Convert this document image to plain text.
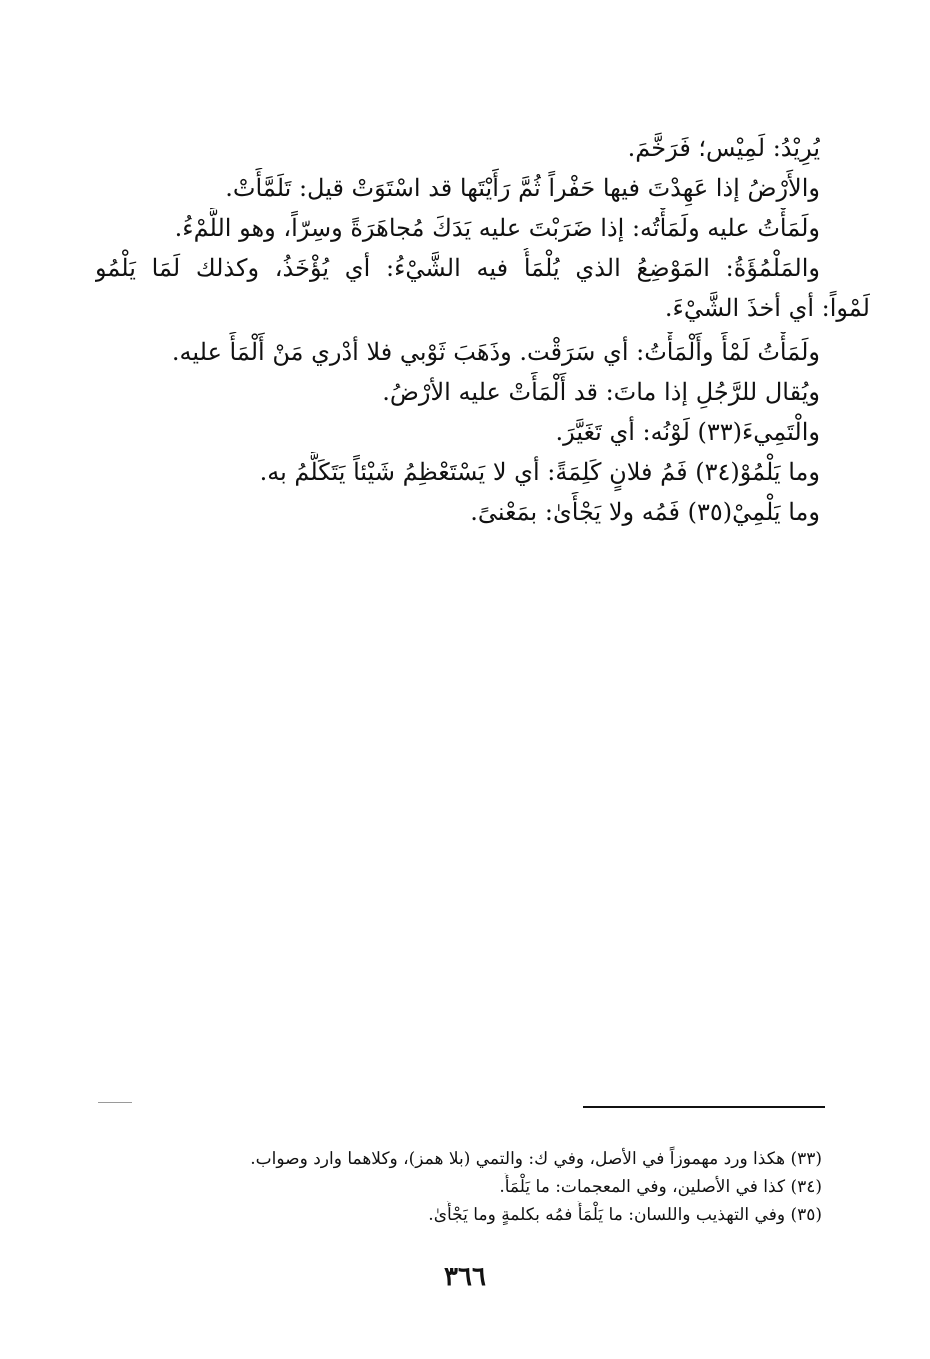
يُرِيْدُ: لَمِيْس؛ فَرَخَّمَ.
والأَرْضُ إذا عَهِدْتَ فيها حَفْراً ثُمَّ رَأَيْتَها قد اسْتَوَتْ قيل: تَلَمَّأَتْ.
ولَمَأْتُ عليه ولَمَأْتُه: إذا ضَرَبْتَ عليه يَدَكَ مُجاهَرَةً وسِرّاً، وهو اللَّمْءُ.
والمَلْمُؤَةُ: المَوْضِعُ الذي يُلْمَأُ فيه الشَّيْءُ: أي يُؤْخَذُ، وكذلك لَمَا يَلْمُو
لَمْواً: أي أخذَ الشَّيْءَ.
ولَمَأْتُ لَمْأً وأَلْمَأْتُ: أي سَرَقْت. وذَهَبَ ثَوْبي فلا أدْري مَنْ أَلْمَأَ عليه.
ويُقال للرَّجُلِ إذا ماتَ: قد أَلْمَأَتْ عليه الأرْضُ.
والْتَمِيءَ(٣٣) لَوْنُه: أي تَغَيَّرَ.
وما يَلْمُوْ(٣٤) فَمُ فلانٍ كَلِمَةً: أي لا يَسْتَعْظِمُ شَيْئاً يَتَكَلَّمُ به.
وما يَلْمِيْ(٣٥) فَمُه ولا يَجْأَىٰ: بمَعْنىً.
(٣٣) هكذا ورد مهموزاً في الأصل، وفي ك: والتمي (بلا همز)، وكلاهما وارد وصواب.
(٣٤) كذا في الأصلين، وفي المعجمات: ما يَلْمَأُ.
(٣٥) وفي التهذيب واللسان: ما يَلْمَأُ فمُه بكلمةٍ وما يَجْأَىٰ.
٣٦٦
